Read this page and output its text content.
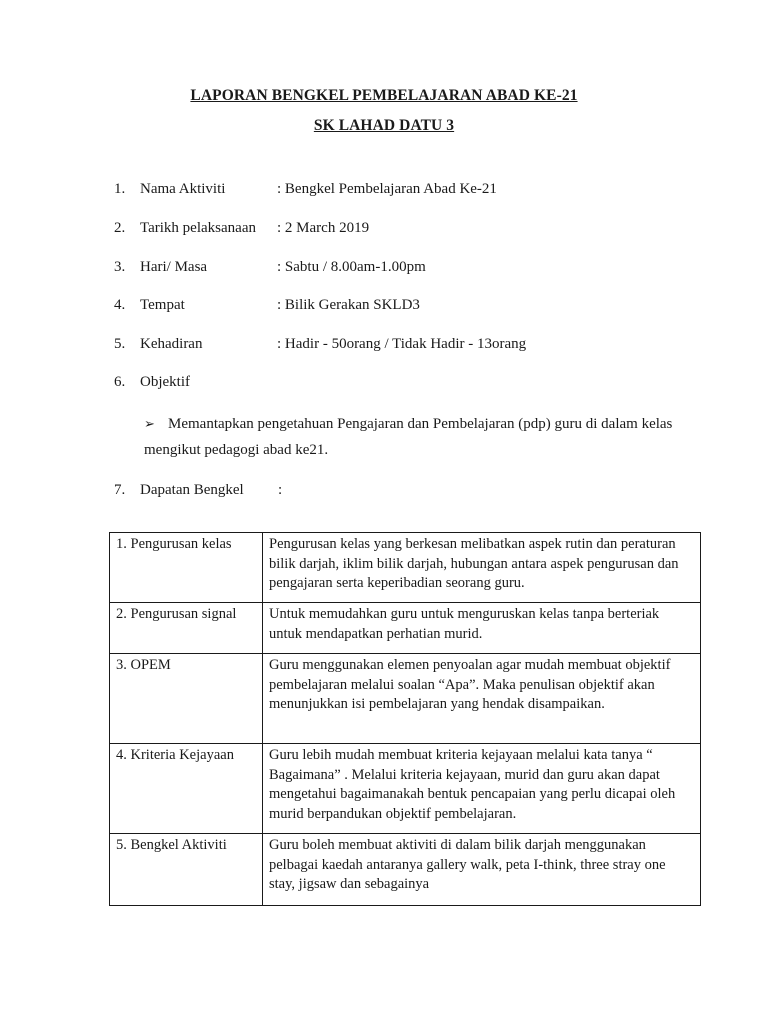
LAPORAN BENGKEL PEMBELAJARAN ABAD KE-21
SK LAHAD DATU 3
1. Nama Aktiviti	: Bengkel Pembelajaran Abad Ke-21
2. Tarikh pelaksanaan : 2 March 2019
3. Hari/ Masa	: Sabtu / 8.00am-1.00pm
4. Tempat	: Bilik Gerakan SKLD3
5. Kehadiran	: Hadir - 50orang / Tidak Hadir - 13orang
6. Objektif
➢ Memantapkan pengetahuan Pengajaran dan Pembelajaran (pdp) guru di dalam kelas mengikut pedagogi abad ke21.
7. Dapatan Bengkel :
1. Pengurusan kelas	Pengurusan kelas yang berkesan melibatkan aspek rutin dan peraturan bilik darjah, iklim bilik darjah, hubungan antara aspek pengurusan dan pengajaran serta keperibadian seorang guru.
2. Pengurusan signal	Untuk memudahkan guru untuk menguruskan kelas tanpa berteriak untuk mendapatkan perhatian murid.
3. OPEM	Guru menggunakan elemen penyoalan agar mudah membuat objektif pembelajaran melalui soalan “Apa”. Maka penulisan objektif akan menunjukkan isi pembelajaran yang hendak disampaikan.
4. Kriteria Kejayaan	Guru lebih mudah membuat kriteria kejayaan melalui kata tanya “ Bagaimana” . Melalui kriteria kejayaan, murid dan guru akan dapat mengetahui bagaimanakah bentuk pencapaian yang perlu dicapai oleh murid berpandukan objektif pembelajaran.
5. Bengkel Aktiviti	Guru boleh membuat aktiviti di dalam bilik darjah menggunakan pelbagai kaedah antaranya gallery walk, peta I-think, three stray one stay, jigsaw dan sebagainya
